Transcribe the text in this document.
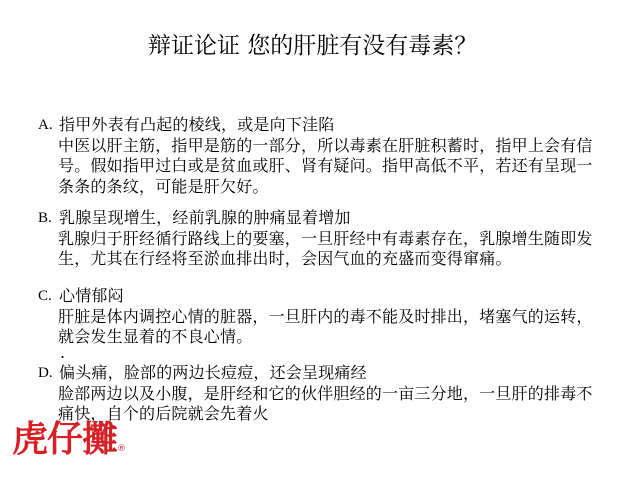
辩证论证 您的肝脏有没有毒素？
A. 指甲外表有凸起的棱线，或是向下洼陷
中医以肝主筋，指甲是筋的一部分，所以毒素在肝脏积蓄时，指甲上会有信
号。假如指甲过白或是贫血或肝、肾有疑问。指甲高低不平，若还有呈现一
条条的条纹，可能是肝欠好。
B. 乳腺呈现增生，经前乳腺的肿痛显着增加
乳腺归于肝经循行路线上的要塞，一旦肝经中有毒素存在，乳腺增生随即发
生，尤其在行经将至淤血排出时，会因气血的充盛而变得窜痛。
C. 心情郁闷
肝脏是体内调控心情的脏器，一旦肝内的毒不能及时排出，堵塞气的运转，
就会发生显着的不良心情。
.
D. 偏头痛，脸部的两边长痘痘，还会呈现痛经
脸部两边以及小腹，是肝经和它的伙伴胆经的一亩三分地，一旦肝的排毒不
痛快，自个的后院就会先着火
虎仔攤®
